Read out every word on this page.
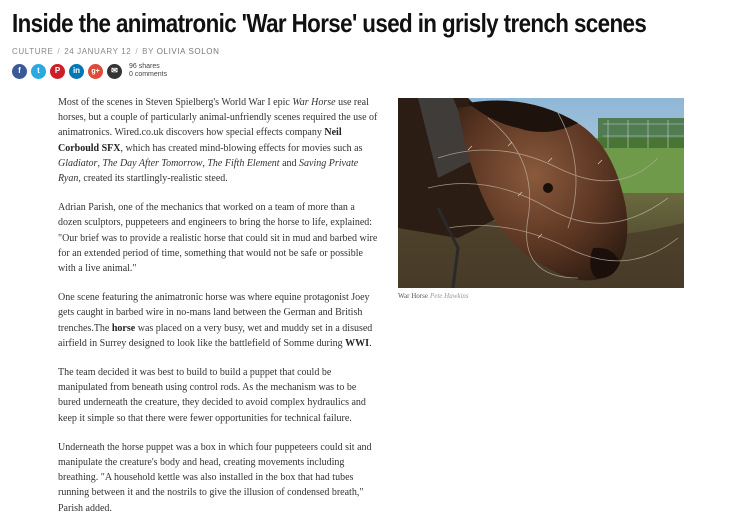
Inside the animatronic 'War Horse' used in grisly trench scenes
CULTURE / 24 JANUARY 12 / BY OLIVIA SOLON
f	t	P	in	g+	✉	96 shares
0 comments

Most of the scenes in Steven Spielberg's World War I epic War Horse use real horses, but a couple of particularly animal-unfriendly scenes required the use of animatronics. Wired.co.uk discovers how special effects company Neil Corbould SFX, which has created mind-blowing effects for movies such as Gladiator, The Day After Tomorrow, The Fifth Element and Saving Private Ryan, created its startlingly-realistic steed.

Adrian Parish, one of the mechanics that worked on a team of more than a dozen sculptors, puppeteers and engineers to bring the horse to life, explained: "Our brief was to provide a realistic horse that could sit in mud and barbed wire for an extended period of time, something that would not be safe or possible with a live animal."

One scene featuring the animatronic horse was where equine protagonist Joey gets caught in barbed wire in no-mans land between the German and British trenches.The horse was placed on a very busy, wet and muddy set in a disused airfield in Surrey designed to look like the battlefield of Somme during WWI.

The team decided it was best to build to build a puppet that could be manipulated from beneath using control rods. As the mechanism was to be bured underneath the creature, they decided to avoid complex hydraulics and keep it simple so that there were fewer opportunities for technical failure.

Underneath the horse puppet was a box in which four puppeteers could sit and manipulate the creature's body and head, creating movements including breathing. "A household kettle was also installed in the box that had tubes running between it and the nostrils to give the illusion of condensed breath," Parish added.

War Horse Pete Hawkins
